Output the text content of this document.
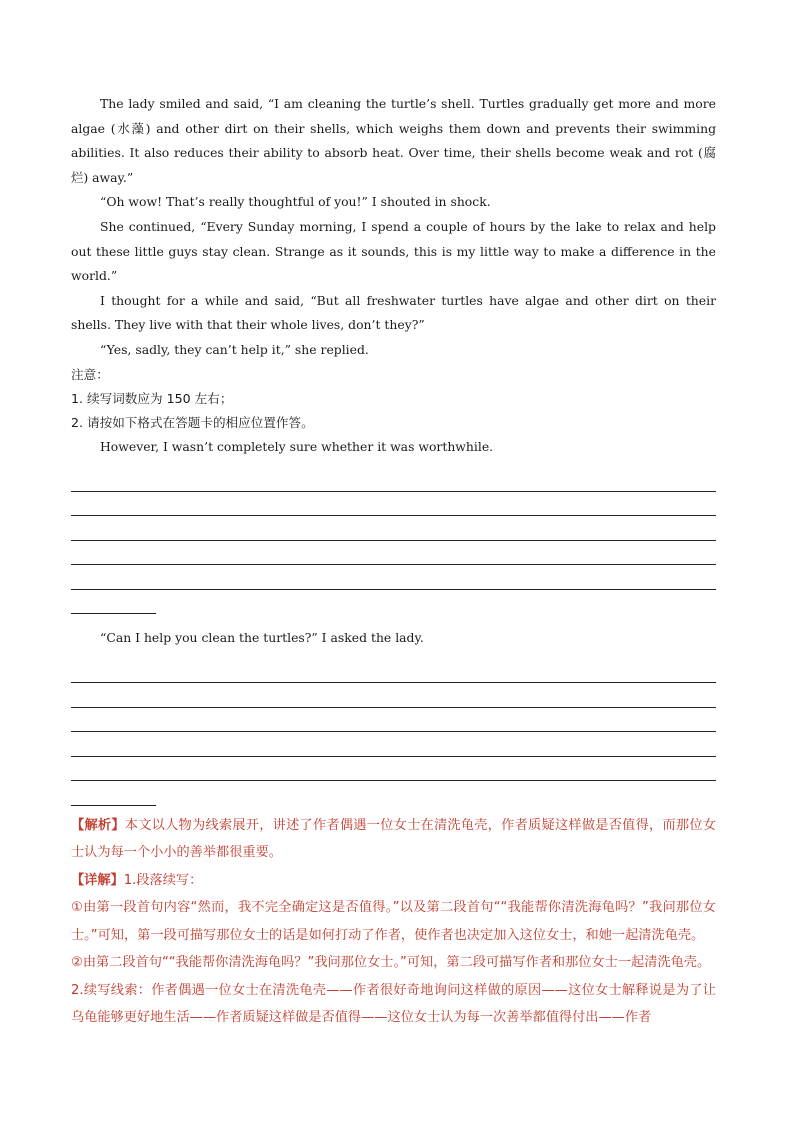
The lady smiled and said, “I am cleaning the turtle’s shell. Turtles gradually get more and more algae (水藻) and other dirt on their shells, which weighs them down and prevents their swimming abilities. It also reduces their ability to absorb heat. Over time, their shells become weak and rot (腐烂) away.”

“Oh wow! That’s really thoughtful of you!” I shouted in shock.

She continued, “Every Sunday morning, I spend a couple of hours by the lake to relax and help out these little guys stay clean. Strange as it sounds, this is my little way to make a difference in the world.”

I thought for a while and said, “But all freshwater turtles have algae and other dirt on their shells. They live with that their whole lives, don’t they?”

“Yes, sadly, they can’t help it,” she replied.

注意：

1. 续写词数应为 150 左右；

2. 请按如下格式在答题卡的相应位置作答。

However, I wasn’t completely sure whether it was worthwhile.

“Can I help you clean the turtles?” I asked the lady.

【解析】本文以人物为线索展开，讲述了作者偶遇一位女士在清洗龟壳，作者质疑这样做是否值得，而那位女士认为每一个小小的善举都很重要。

【详解】1.段落续写：

①由第一段首句内容“然而，我不完全确定这是否值得。”以及第二段首句““我能帮你清洗海龟吗？”我问那位女士。”可知，第一段可描写那位女士的话是如何打动了作者，使作者也决定加入这位女士，和她一起清洗龟壳。

②由第二段首句““我能帮你清洗海龟吗？”我问那位女士。”可知，第二段可描写作者和那位女士一起清洗龟壳。

2.续写线索：作者偶遇一位女士在清洗龟壳——作者很好奇地询问这样做的原因——这位女士解释说是为了让乌龟能够更好地生活——作者质疑这样做是否值得——这位女士认为每一次善举都值得付出——作者
